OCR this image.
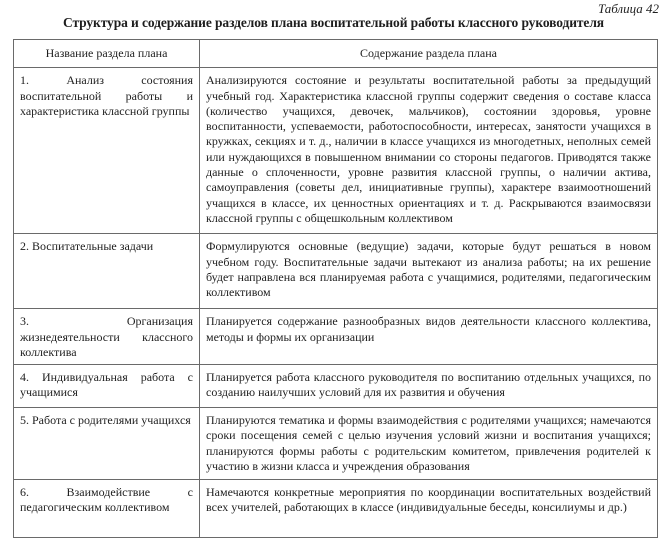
Таблица 42
Структура и содержание разделов плана воспитательной работы классного руководителя
Название раздела плана	Содержание раздела плана
1. Анализ состояния воспитательной работы и характеристика классной группы	Анализируются состояние и результаты воспитательной работы за предыдущий учебный год. Характеристика классной группы содержит сведения о составе класса (количество учащихся, девочек, мальчиков), состоянии здоровья, уровне воспитанности, успеваемости, работоспособности, интересах, занятости учащихся в кружках, секциях и т. д., наличии в классе учащихся из многодетных, неполных семей или нуждающихся в повышенном внимании со стороны педагогов. Приводятся также данные о сплоченности, уровне развития классной группы, о наличии актива, самоуправления (советы дел, инициативные группы), характере взаимоотношений учащихся в классе, их ценностных ориентациях и т. д. Раскрываются взаимосвязи классной группы с общешкольным коллективом
2. Воспитательные задачи	Формулируются основные (ведущие) задачи, которые будут решаться в новом учебном году. Воспитательные задачи вытекают из анализа работы; на их решение будет направлена вся планируемая работа с учащимися, родителями, педагогическим коллективом
3. Организация жизнедеятельности классного коллектива	Планируется содержание разнообразных видов деятельности классного коллектива, методы и формы их организации
4. Индивидуальная работа с учащимися	Планируется работа классного руководителя по воспитанию отдельных учащихся, по созданию наилучших условий для их развития и обучения
5. Работа с родителями учащихся	Планируются тематика и формы взаимодействия с родителями учащихся; намечаются сроки посещения семей с целью изучения условий жизни и воспитания учащихся; планируются формы работы с родительским комитетом, привлечения родителей к участию в жизни класса и учреждения образования
6. Взаимодействие с педагогическим коллективом	Намечаются конкретные мероприятия по координации воспитательных воздействий всех учителей, работающих в классе (индивидуальные беседы, консилиумы и др.)
